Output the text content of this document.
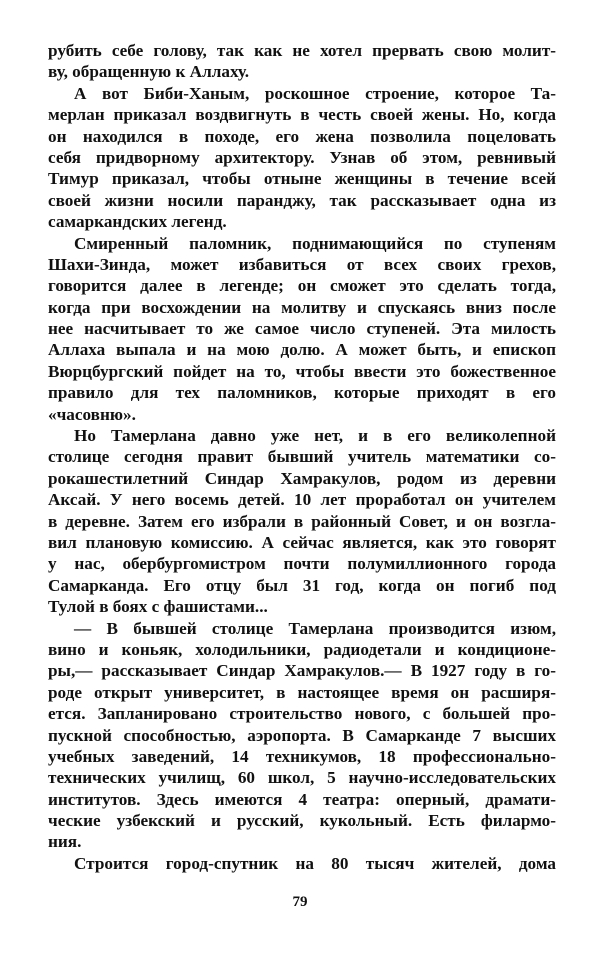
рубить себе голову, так как не хотел прервать свою молит-
ву, обращенную к Аллаху.
А вот Биби-Ханым, роскошное строение, которое Та-
мерлан приказал воздвигнуть в честь своей жены. Но, когда
он находился в походе, его жена позволила поцеловать
себя придворному архитектору. Узнав об этом, ревнивый
Тимур приказал, чтобы отныне женщины в течение всей
своей жизни носили паранджу, так рассказывает одна из
самаркандских легенд.
Смиренный паломник, поднимающийся по ступеням
Шахи-Зинда, может избавиться от всех своих грехов,
говорится далее в легенде; он сможет это сделать тогда,
когда при восхождении на молитву и спускаясь вниз после
нее насчитывает то же самое число ступеней. Эта милость
Аллаха выпала и на мою долю. А может быть, и епископ
Вюрцбургский пойдет на то, чтобы ввести это божественное
правило для тех паломников, которые приходят в его
«часовню».
Но Тамерлана давно уже нет, и в его великолепной
столице сегодня правит бывший учитель математики со-
рокашестилетний Синдар Хамракулов, родом из деревни
Аксай. У него восемь детей. 10 лет проработал он учителем
в деревне. Затем его избрали в районный Совет, и он возгла-
вил плановую комиссию. А сейчас является, как это говорят
у нас, обербургомистром почти полумиллионного города
Самарканда. Его отцу был 31 год, когда он погиб под
Тулой в боях с фашистами...
— В бывшей столице Тамерлана производится изюм,
вино и коньяк, холодильники, радиодетали и кондиционе-
ры,— рассказывает Синдар Хамракулов.— В 1927 году в го-
роде открыт университет, в настоящее время он расширя-
ется. Запланировано строительство нового, с большей про-
пускной способностью, аэропорта. В Самарканде 7 высших
учебных заведений, 14 техникумов, 18 профессионально-
технических училищ, 60 школ, 5 научно-исследовательских
институтов. Здесь имеются 4 театра: оперный, драмати-
ческие узбекский и русский, кукольный. Есть филармо-
ния.
Строится город-спутник на 80 тысяч жителей, дома
79
